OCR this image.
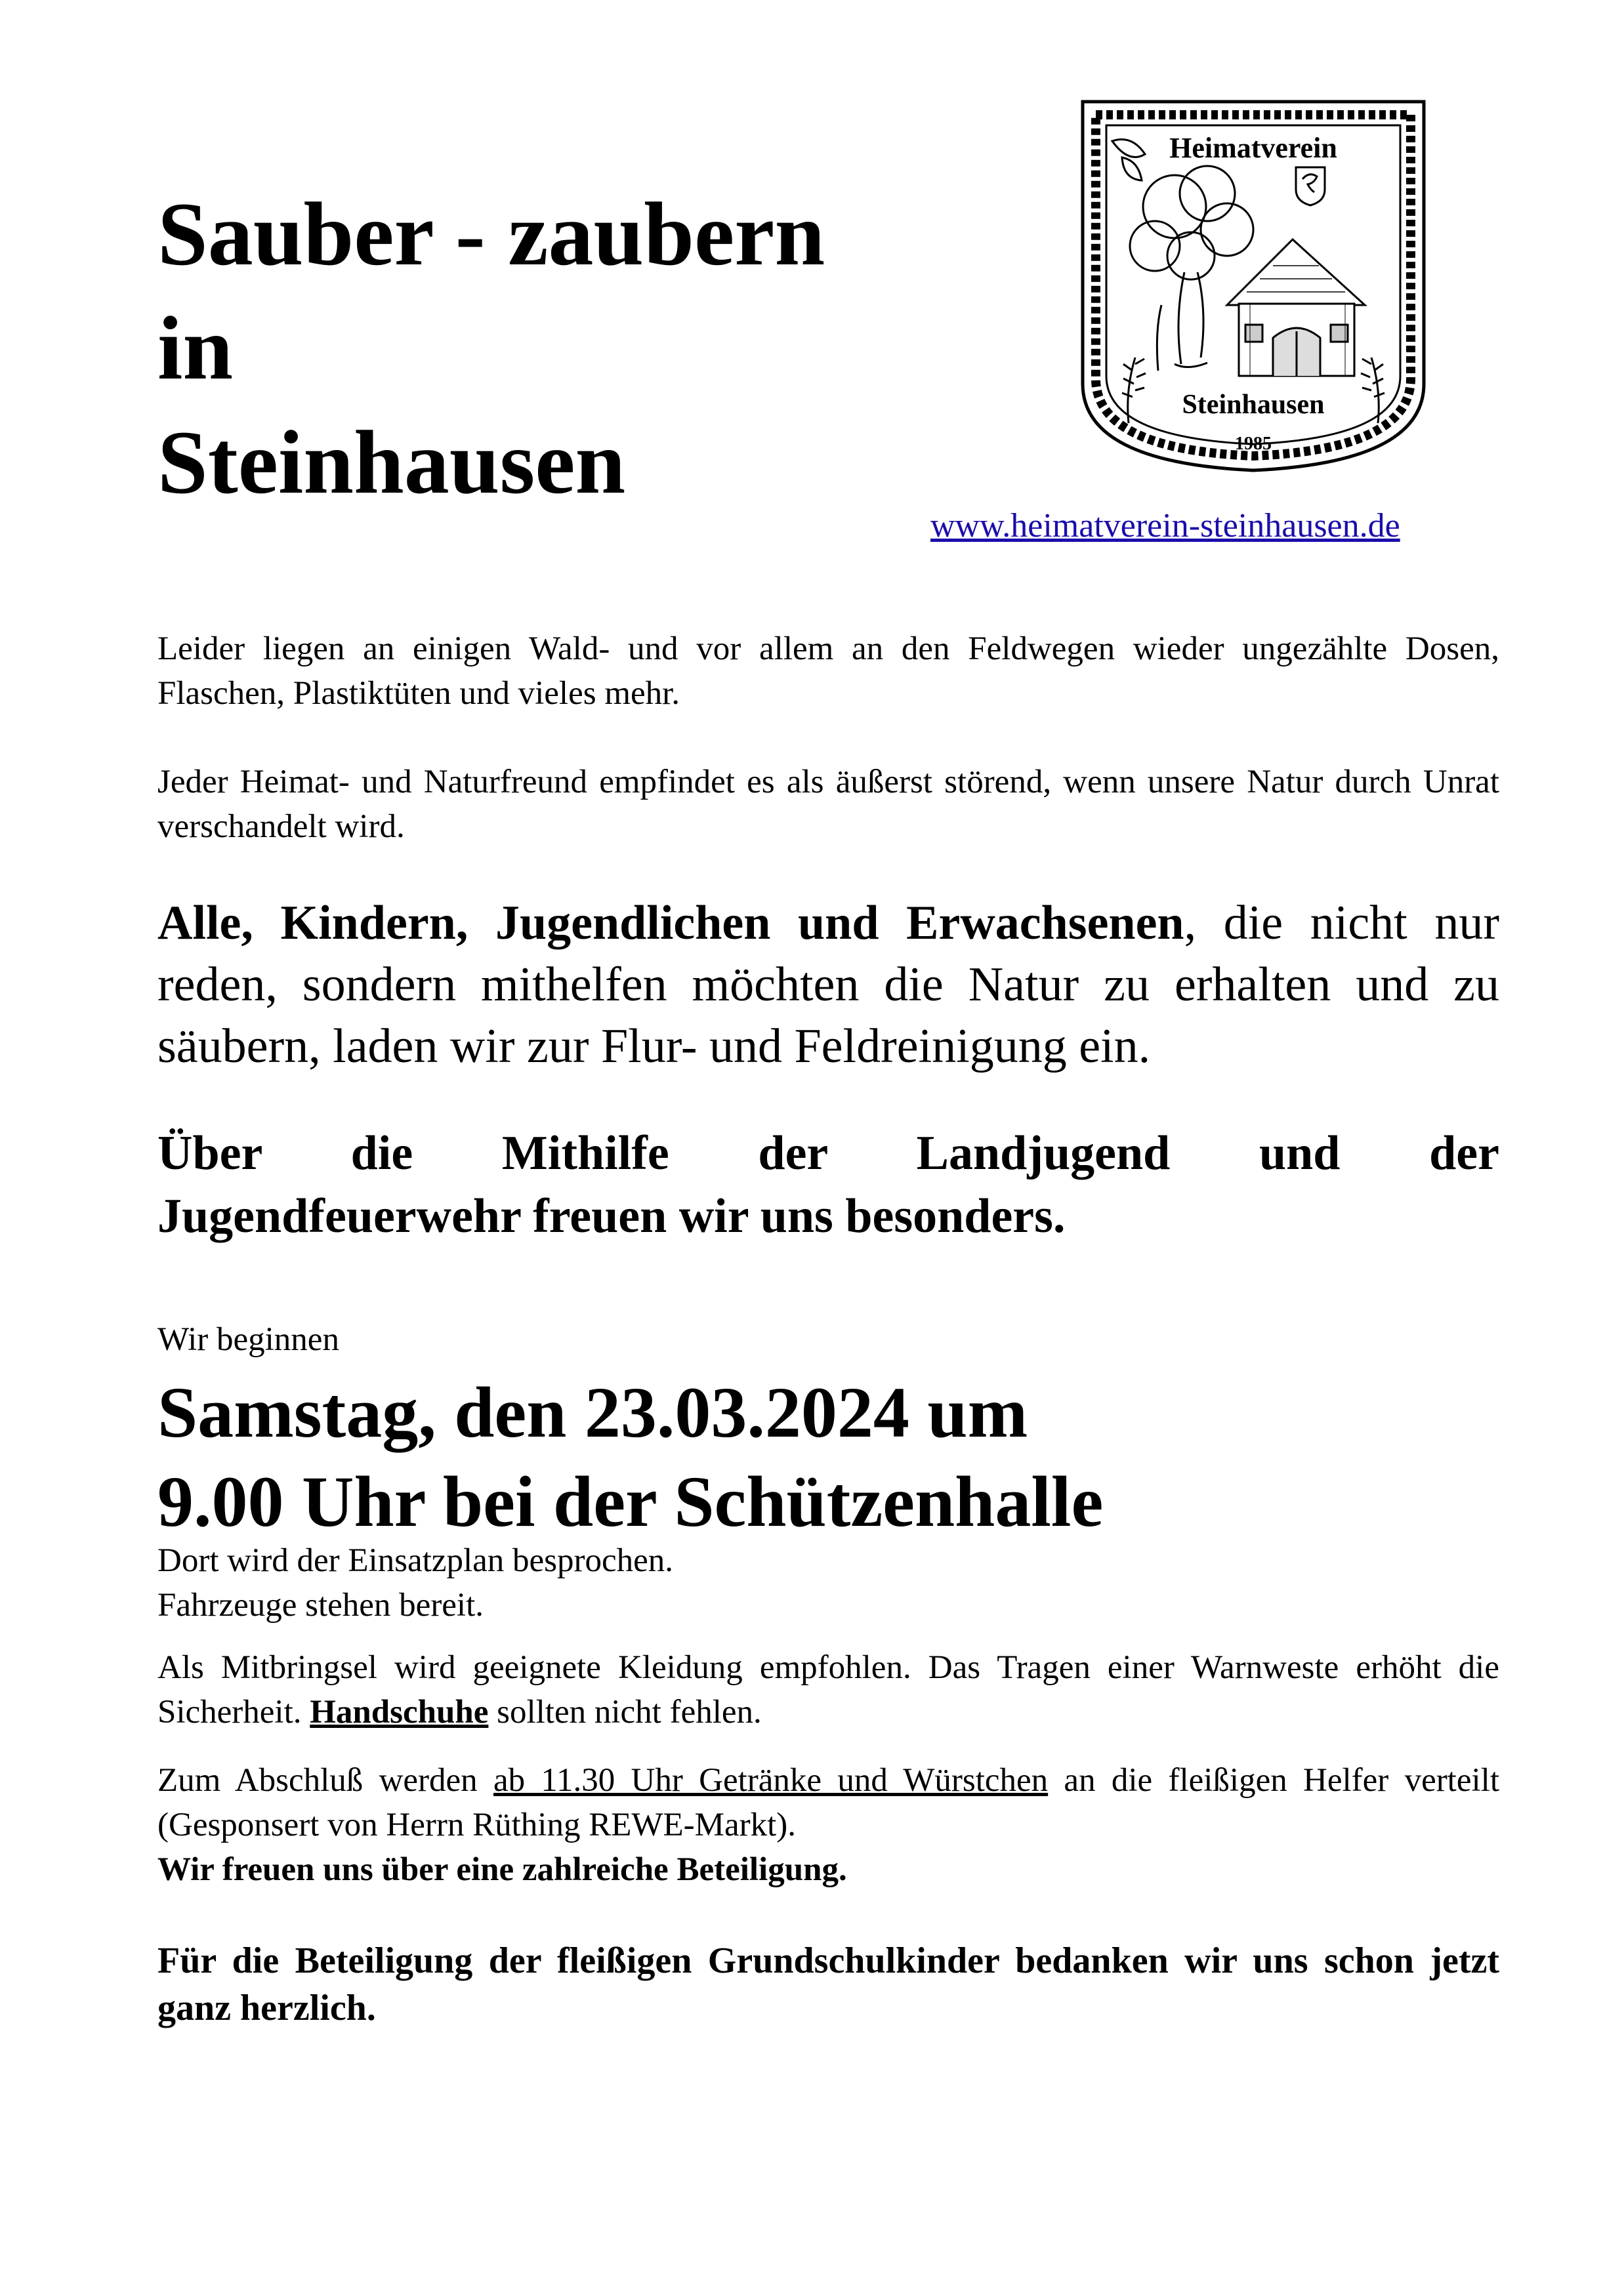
Sauber - zaubern
in
Steinhausen
Heimatverein
Steinhausen
1985
www.heimatverein-steinhausen.de

Leider liegen an einigen Wald- und vor allem an den Feldwegen wieder ungezählte Dosen, Flaschen, Plastiktüten und vieles mehr.

Jeder Heimat- und Naturfreund empfindet es als äußerst störend, wenn unsere Natur durch Unrat verschandelt wird.

Alle, Kindern, Jugendlichen und Erwachsenen, die nicht nur reden, sondern mithelfen möchten die Natur zu erhalten und zu säubern, laden wir zur Flur- und Feldreinigung ein.

Über die Mithilfe der Landjugend und der
Jugendfeuerwehr freuen wir uns besonders.
Wir beginnen
Samstag, den 23.03.2024 um
9.00 Uhr bei der Schützenhalle
Dort wird der Einsatzplan besprochen.
Fahrzeuge stehen bereit.

Als Mitbringsel wird geeignete Kleidung empfohlen. Das Tragen einer Warnweste erhöht die Sicherheit. Handschuhe sollten nicht fehlen.

Zum Abschluß werden ab 11.30 Uhr Getränke und Würstchen an die fleißigen Helfer verteilt (Gesponsert von Herrn Rüthing REWE-Markt).
Wir freuen uns über eine zahlreiche Beteiligung.

Für die Beteiligung der fleißigen Grundschulkinder bedanken wir uns schon jetzt ganz herzlich.
